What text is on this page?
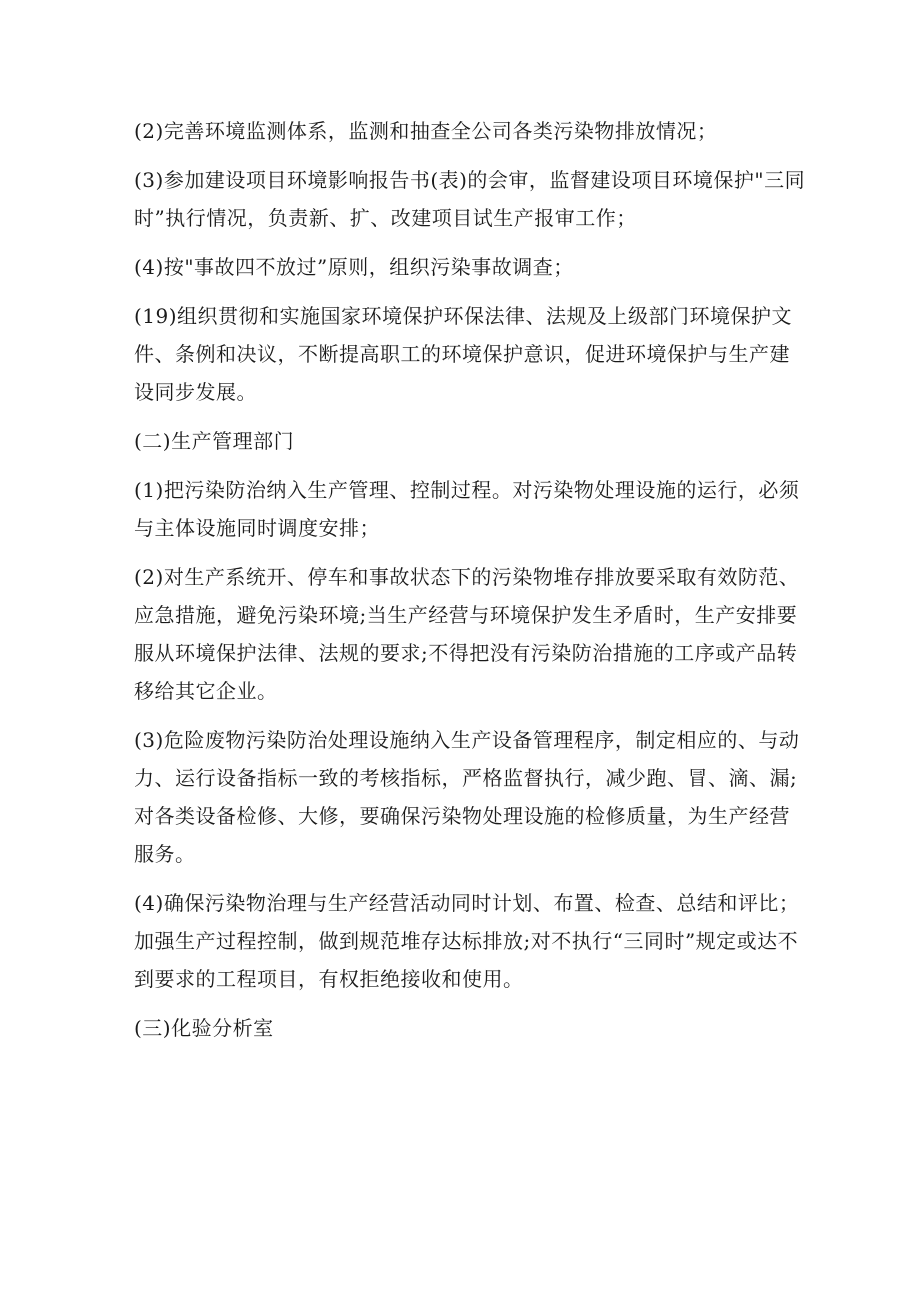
(2)完善环境监测体系，监测和抽查全公司各类污染物排放情况；

(3)参加建设项目环境影响报告书(表)的会审，监督建设项目环境保护"三同时”执行情况，负责新、扩、改建项目试生产报审工作；

(4)按"事故四不放过”原则，组织污染事故调查；

(19)组织贯彻和实施国家环境保护环保法律、法规及上级部门环境保护文件、条例和决议，不断提高职工的环境保护意识，促进环境保护与生产建设同步发展。

(二)生产管理部门

(1)把污染防治纳入生产管理、控制过程。对污染物处理设施的运行，必须与主体设施同时调度安排；

(2)对生产系统开、停车和事故状态下的污染物堆存排放要采取有效防范、应急措施，避免污染环境;当生产经营与环境保护发生矛盾时，生产安排要服从环境保护法律、法规的要求;不得把没有污染防治措施的工序或产品转移给其它企业。

(3)危险废物污染防治处理设施纳入生产设备管理程序，制定相应的、与动力、运行设备指标一致的考核指标，严格监督执行，减少跑、冒、滴、漏;对各类设备检修、大修，要确保污染物处理设施的检修质量，为生产经营服务。

(4)确保污染物治理与生产经营活动同时计划、布置、检查、总结和评比；加强生产过程控制，做到规范堆存达标排放;对不执行“三同时”规定或达不到要求的工程项目，有权拒绝接收和使用。

(三)化验分析室
